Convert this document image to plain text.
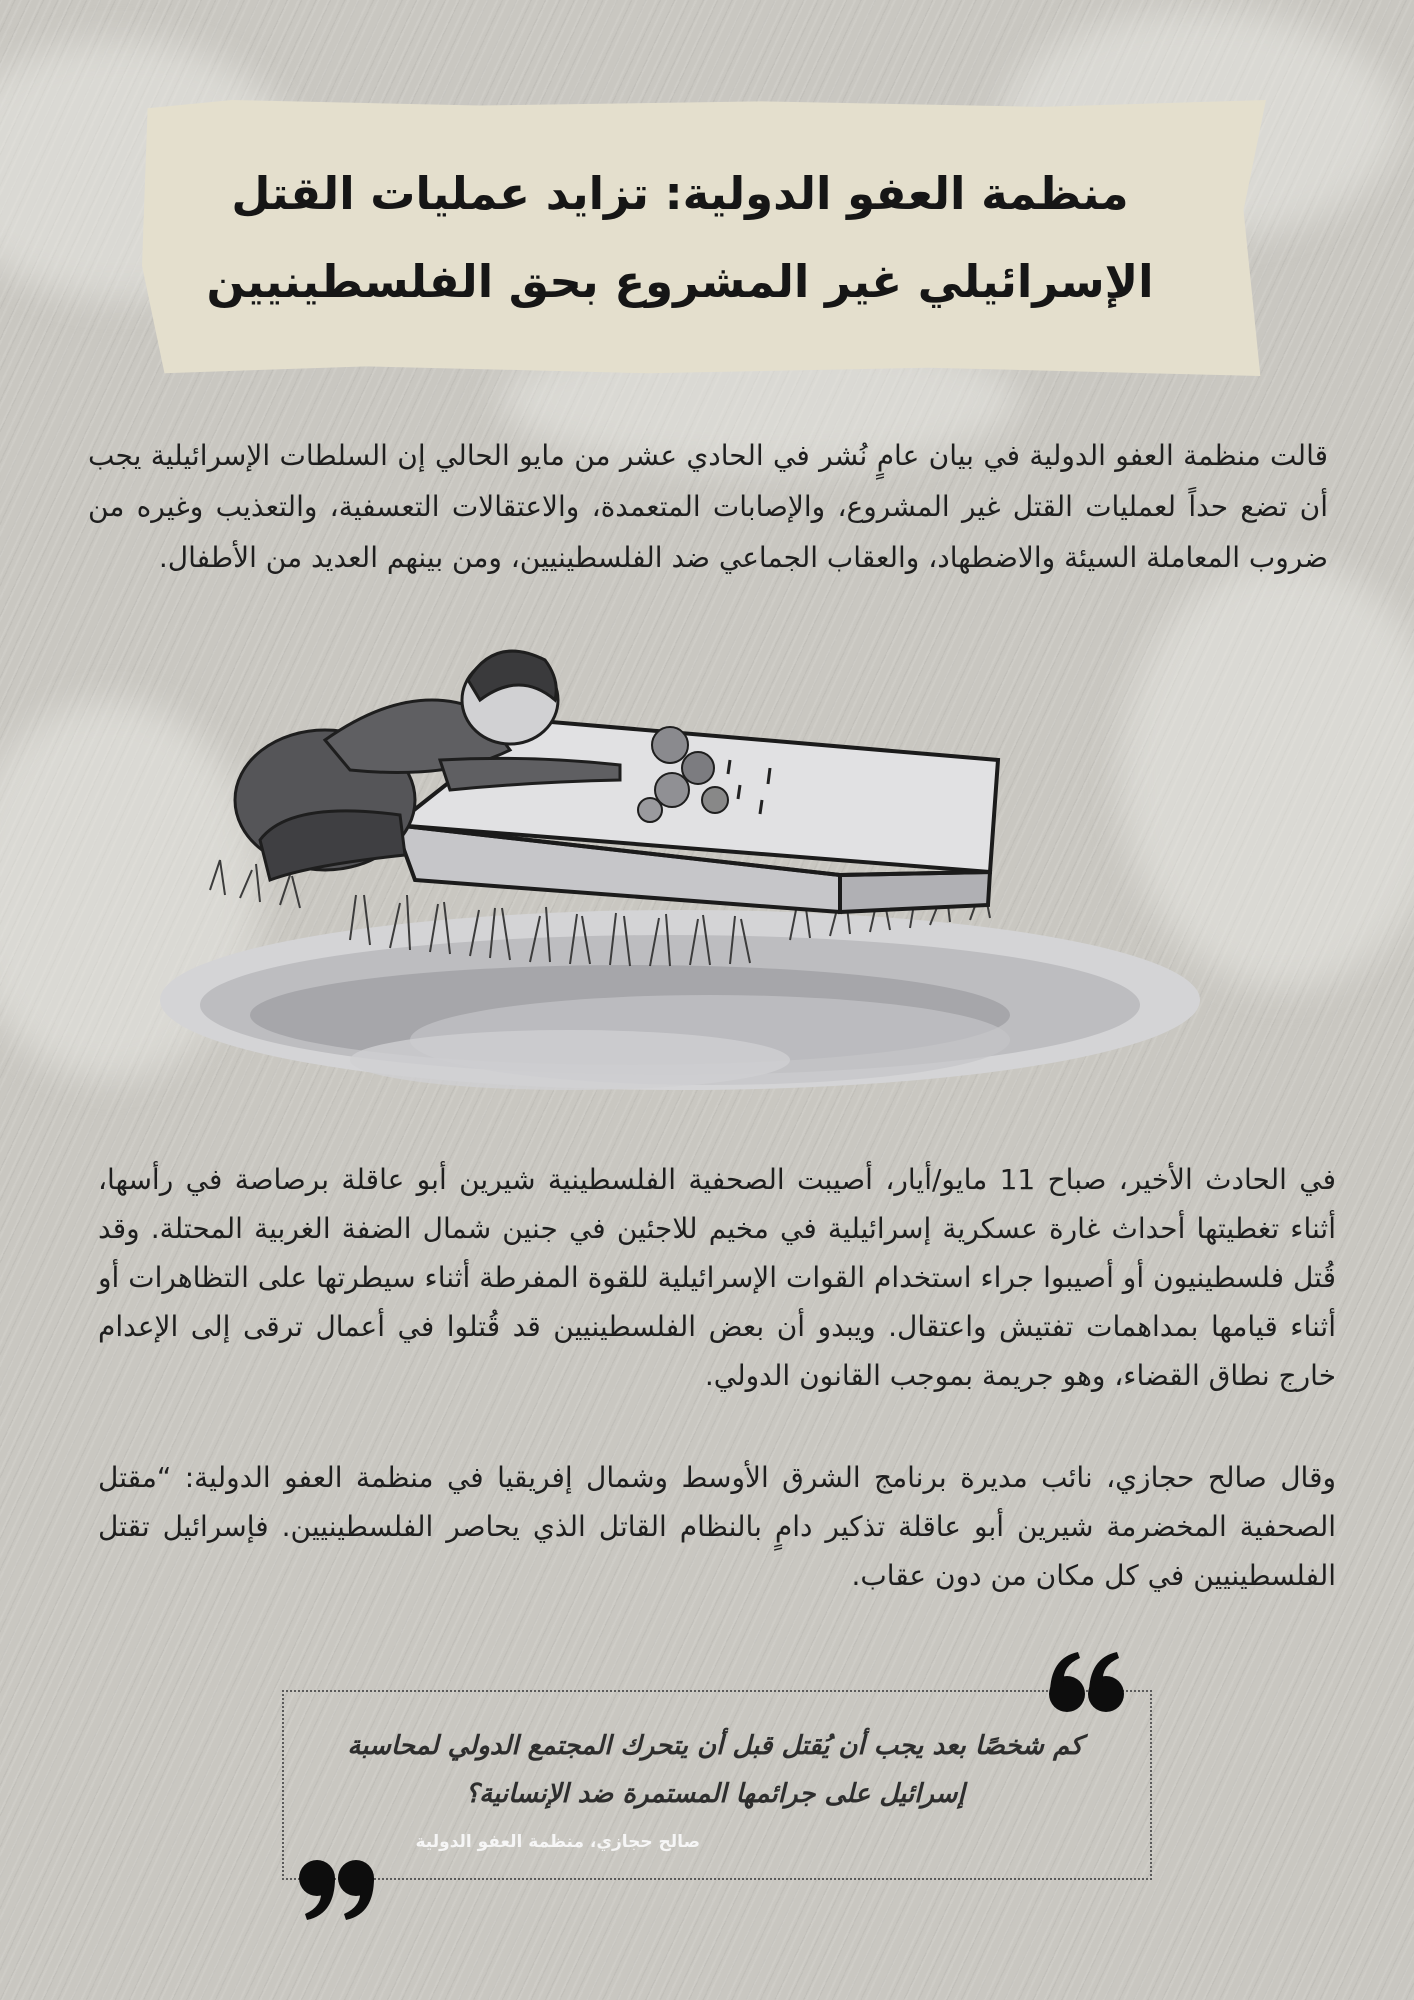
منظمة العفو الدولية: تزايد عمليات القتل الإسرائيلي غير المشروع بحق الفلسطينيين

قالت منظمة العفو الدولية في بيان عامٍ نُشر في الحادي عشر من مايو الحالي إن السلطات الإسرائيلية يجب أن تضع حداً لعمليات القتل غير المشروع، والإصابات المتعمدة، والاعتقالات التعسفية، والتعذيب وغيره من ضروب المعاملة السيئة والاضطهاد، والعقاب الجماعي ضد الفلسطينيين، ومن بينهم العديد من الأطفال.

في الحادث الأخير، صباح 11 مايو/أيار، أصيبت الصحفية الفلسطينية شيرين أبو عاقلة برصاصة في رأسها، أثناء تغطيتها أحداث غارة عسكرية إسرائيلية في مخيم للاجئين في جنين شمال الضفة الغربية المحتلة. وقد قُتل فلسطينيون أو أصيبوا جراء استخدام القوات الإسرائيلية للقوة المفرطة أثناء سيطرتها على التظاهرات أو أثناء قيامها بمداهمات تفتيش واعتقال. ويبدو أن بعض الفلسطينيين قد قُتلوا في أعمال ترقى إلى الإعدام خارج نطاق القضاء، وهو جريمة بموجب القانون الدولي.

وقال صالح حجازي، نائب مديرة برنامج الشرق الأوسط وشمال إفريقيا في منظمة العفو الدولية: “مقتل الصحفية المخضرمة شيرين أبو عاقلة تذكير دامٍ بالنظام القاتل الذي يحاصر الفلسطينيين. فإسرائيل تقتل الفلسطينيين في كل مكان من دون عقاب.

كم شخصًا بعد يجب أن يُقتل قبل أن يتحرك المجتمع الدولي لمحاسبة إسرائيل على جرائمها المستمرة ضد الإنسانية؟

صالح حجازي، منظمة العفو الدولية
